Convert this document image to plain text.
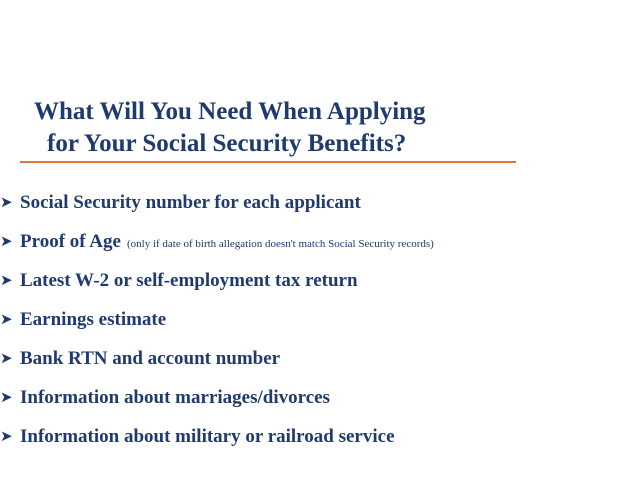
What Will You Need When Applying
for Your Social Security Benefits?
➤ Social Security number for each applicant
➤ Proof of Age (only if date of birth allegation doesn't match Social Security records)
➤ Latest W-2 or self-employment tax return
➤ Earnings estimate
➤ Bank RTN and account number
➤ Information about marriages/divorces
➤ Information about military or railroad service
